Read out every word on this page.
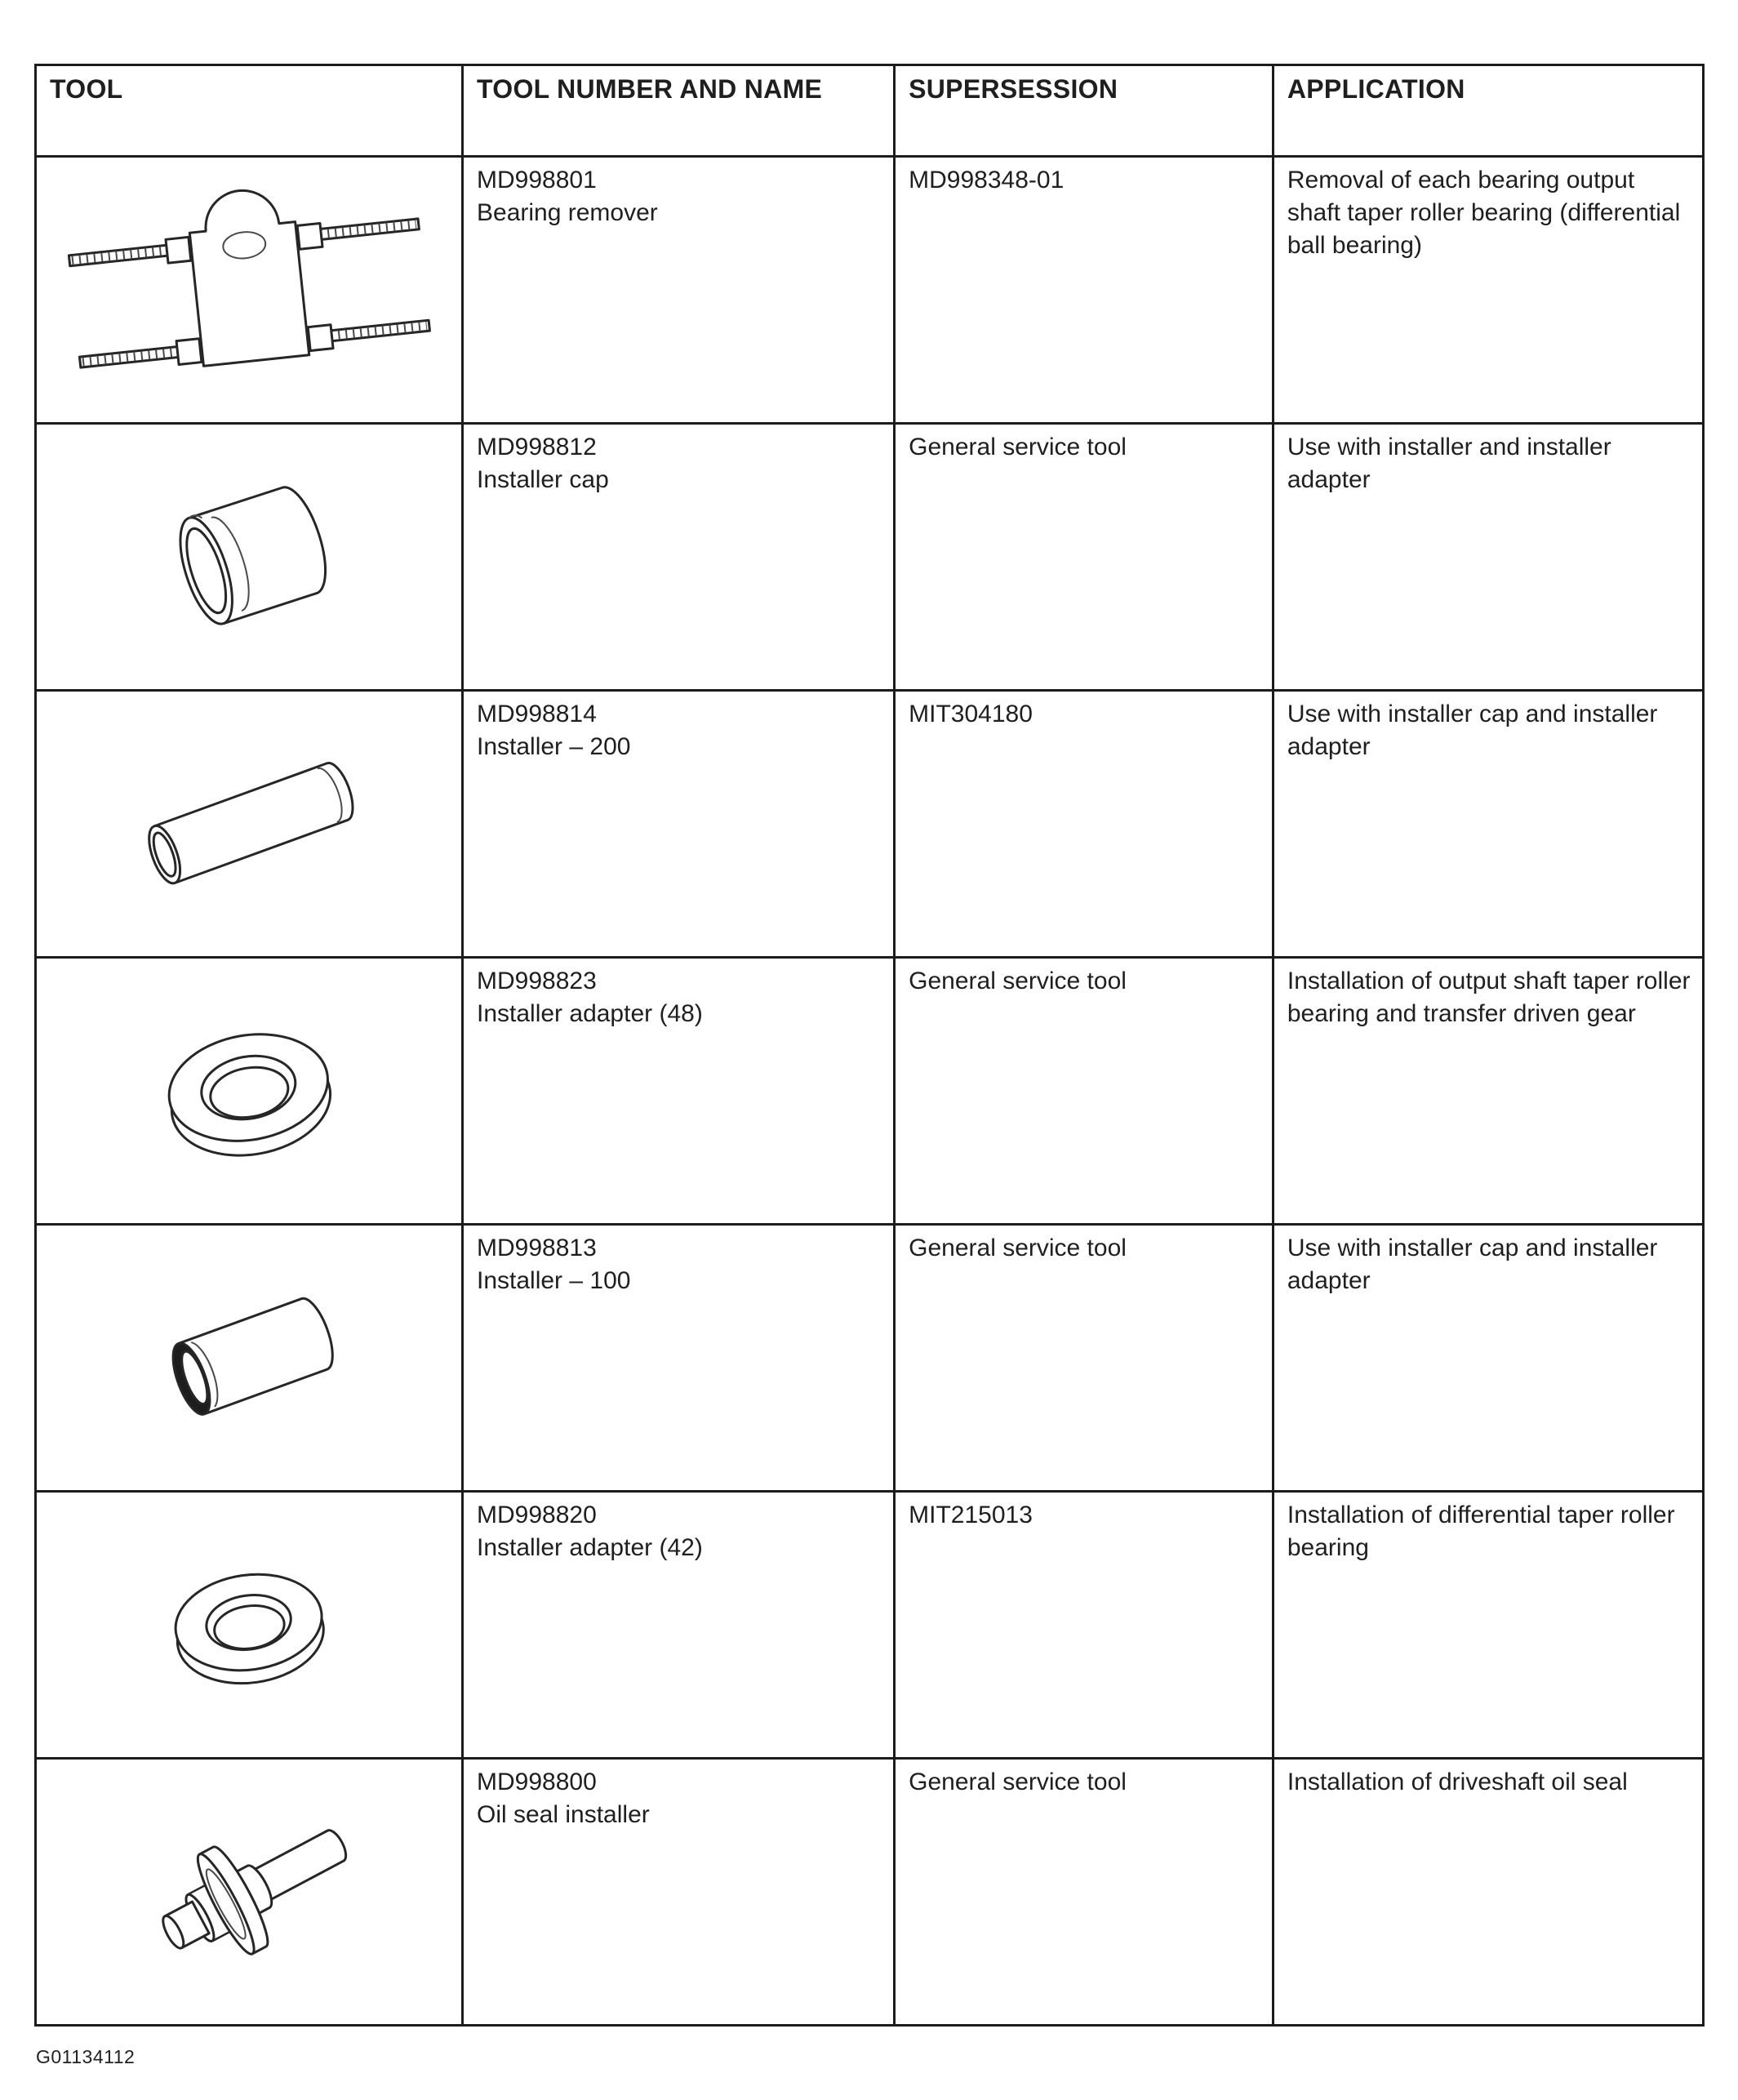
TOOL	TOOL NUMBER AND NAME	SUPERSESSION	APPLICATION

MD998801
Bearing remover	MD998348-01	Removal of each bearing output shaft taper roller bearing (differential ball bearing)

MD998812
Installer cap	General service tool	Use with installer and installer adapter

MD998814
Installer – 200	MIT304180	Use with installer cap and installer adapter

MD998823
Installer adapter (48)	General service tool	Installation of output shaft taper roller bearing and transfer driven gear

MD998813
Installer – 100	General service tool	Use with installer cap and installer adapter

MD998820
Installer adapter (42)	MIT215013	Installation of differential taper roller bearing

MD998800
Oil seal installer	General service tool	Installation of driveshaft oil seal
G01134112
